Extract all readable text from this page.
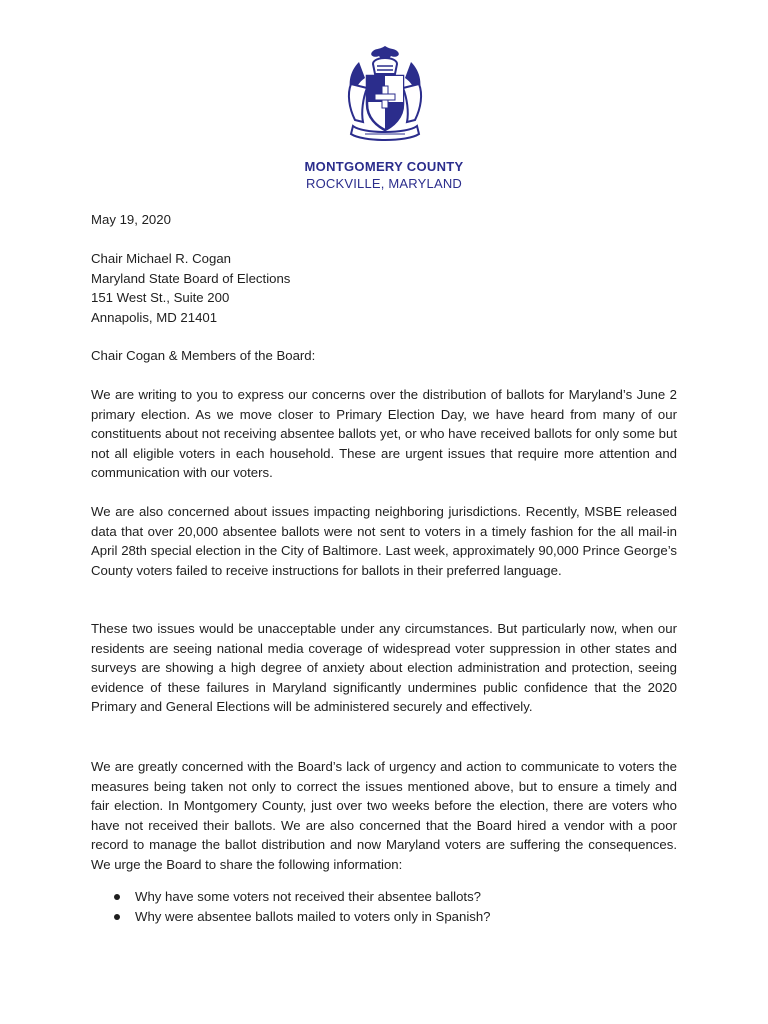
MONTGOMERY COUNTY
ROCKVILLE, MARYLAND
May 19, 2020
Chair Michael R. Cogan
Maryland State Board of Elections
151 West St., Suite 200
Annapolis, MD 21401
Chair Cogan & Members of the Board:

We are writing to you to express our concerns over the distribution of ballots for Maryland’s June 2 primary election. As we move closer to Primary Election Day, we have heard from many of our constituents about not receiving absentee ballots yet, or who have received ballots for only some but not all eligible voters in each household. These are urgent issues that require more attention and communication with our voters.

We are also concerned about issues impacting neighboring jurisdictions. Recently, MSBE released data that over 20,000 absentee ballots were not sent to voters in a timely fashion for the all mail-in April 28th special election in the City of Baltimore. Last week, approximately 90,000 Prince George’s County voters failed to receive instructions for ballots in their preferred language.

These two issues would be unacceptable under any circumstances. But particularly now, when our residents are seeing national media coverage of widespread voter suppression in other states and surveys are showing a high degree of anxiety about election administration and protection, seeing evidence of these failures in Maryland significantly undermines public confidence that the 2020 Primary and General Elections will be administered securely and effectively.

We are greatly concerned with the Board’s lack of urgency and action to communicate to voters the measures being taken not only to correct the issues mentioned above, but to ensure a timely and fair election. In Montgomery County, just over two weeks before the election, there are voters who have not received their ballots. We are also concerned that the Board hired a vendor with a poor record to manage the ballot distribution and now Maryland voters are suffering the consequences. We urge the Board to share the following information:

Why have some voters not received their absentee ballots?
Why were absentee ballots mailed to voters only in Spanish?
